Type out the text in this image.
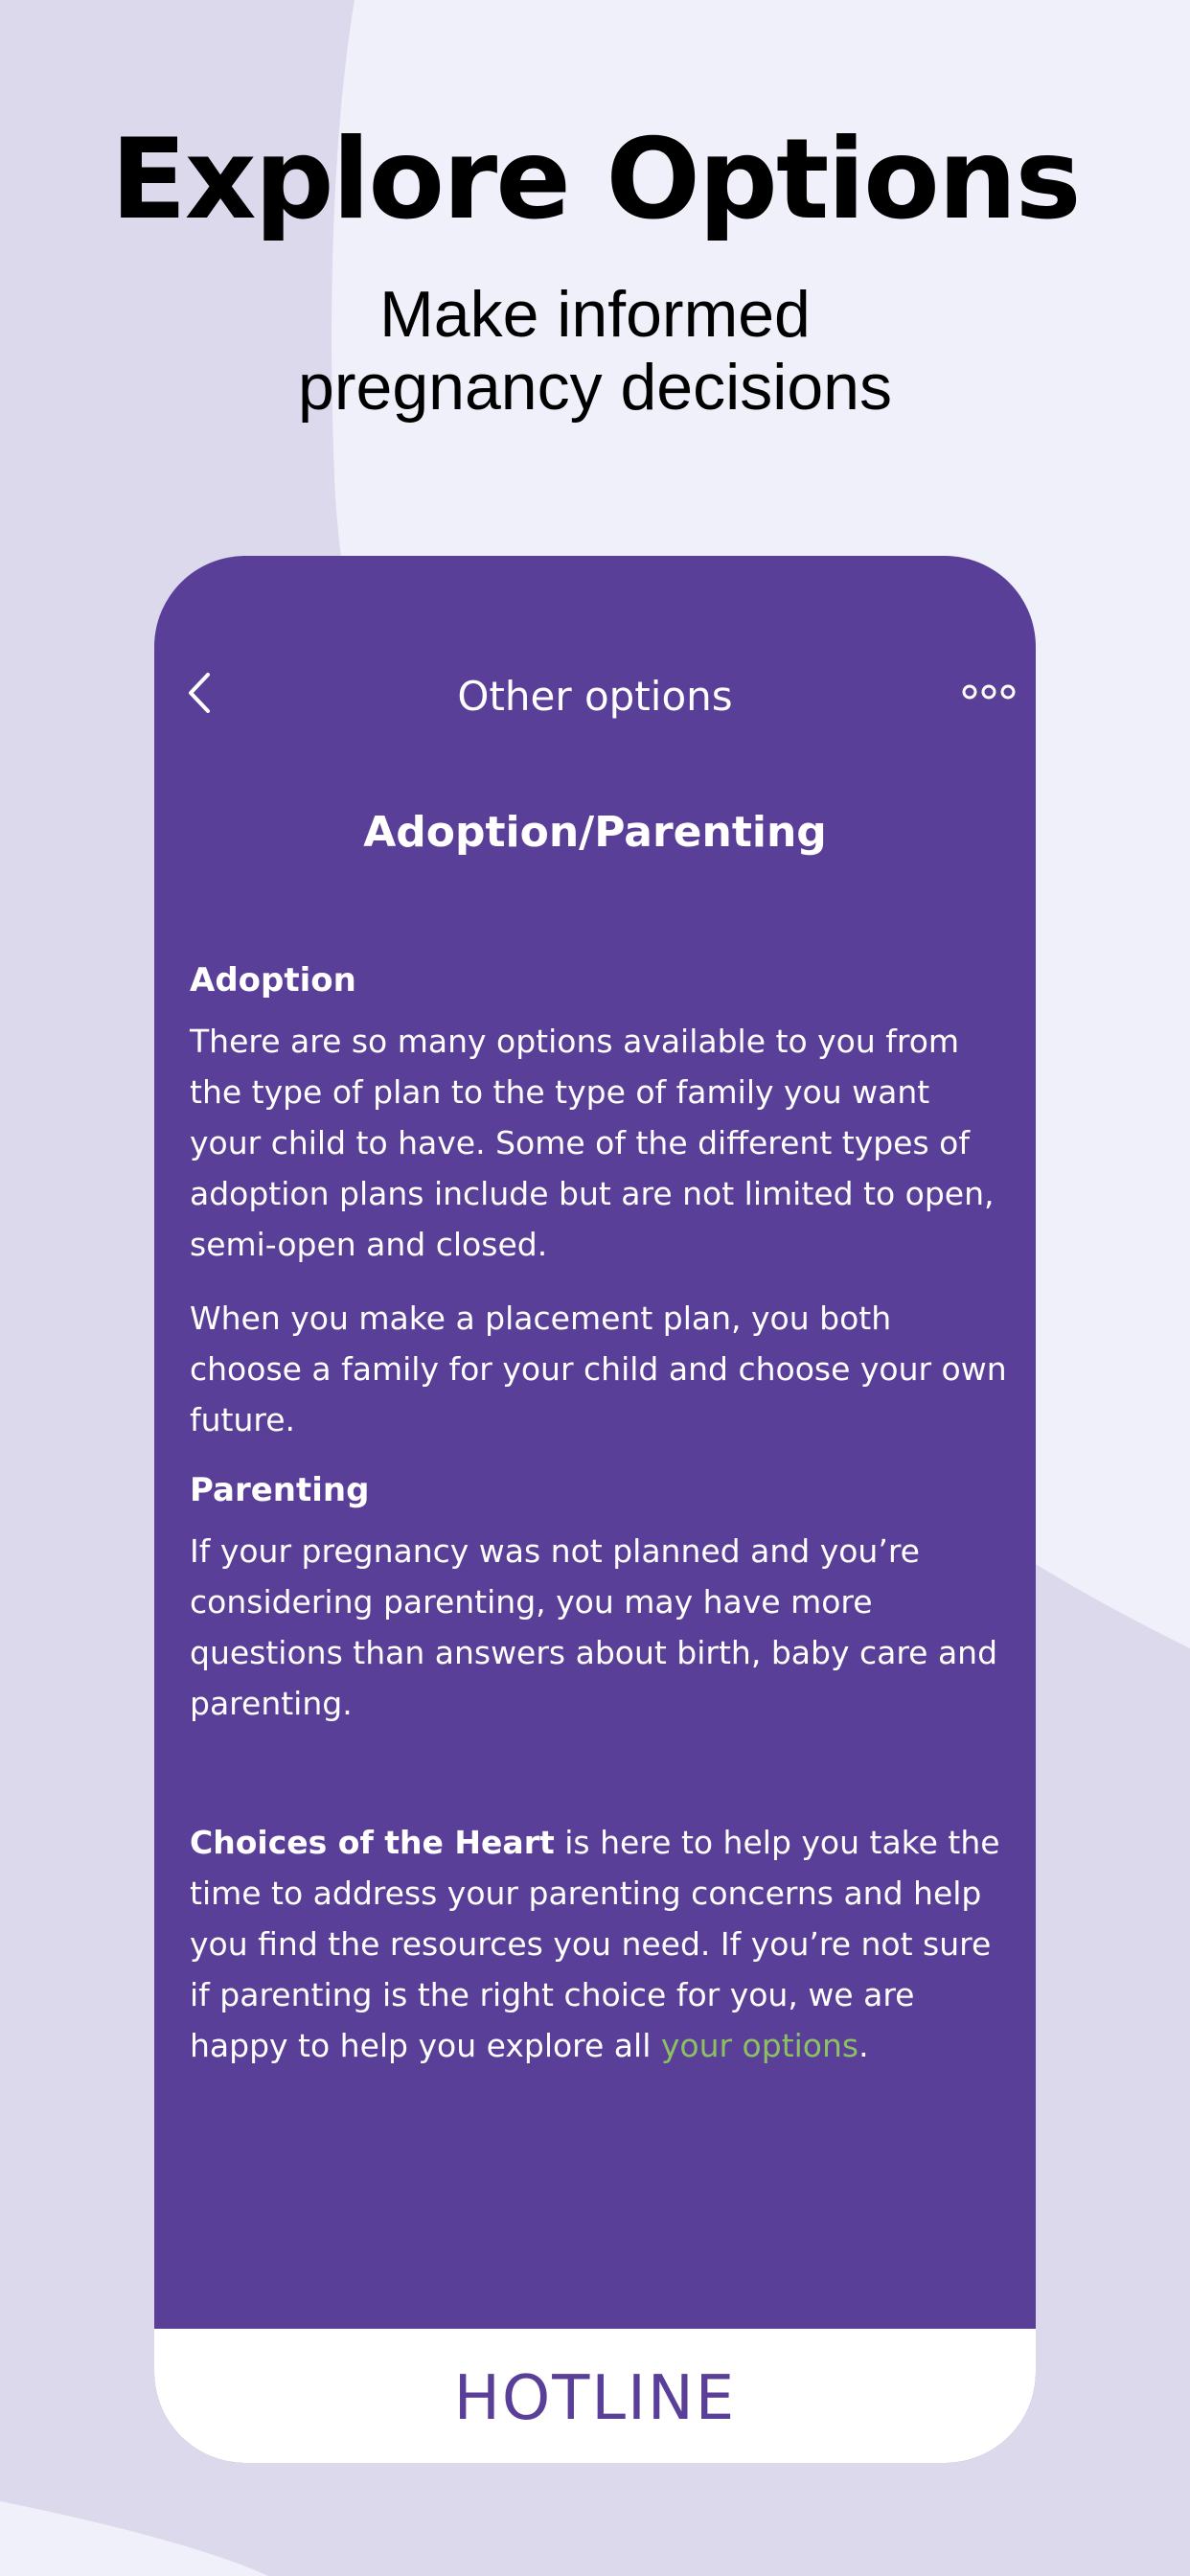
Explore Options
Make informed
pregnancy decisions
Other options
Adoption/Parenting
Adoption

There are so many options available to you from the type of plan to the type of family you want your child to have. Some of the different types of adoption plans include but are not limited to open, semi-open and closed.

When you make a placement plan, you both choose a family for your child and choose your own future.

Parenting

If your pregnancy was not planned and you’re considering parenting, you may have more questions than answers about birth, baby care and parenting.

Choices of the Heart is here to help you take the time to address your parenting concerns and help you find the resources you need. If you’re not sure if parenting is the right choice for you, we are happy to help you explore all your options.

HOTLINE
